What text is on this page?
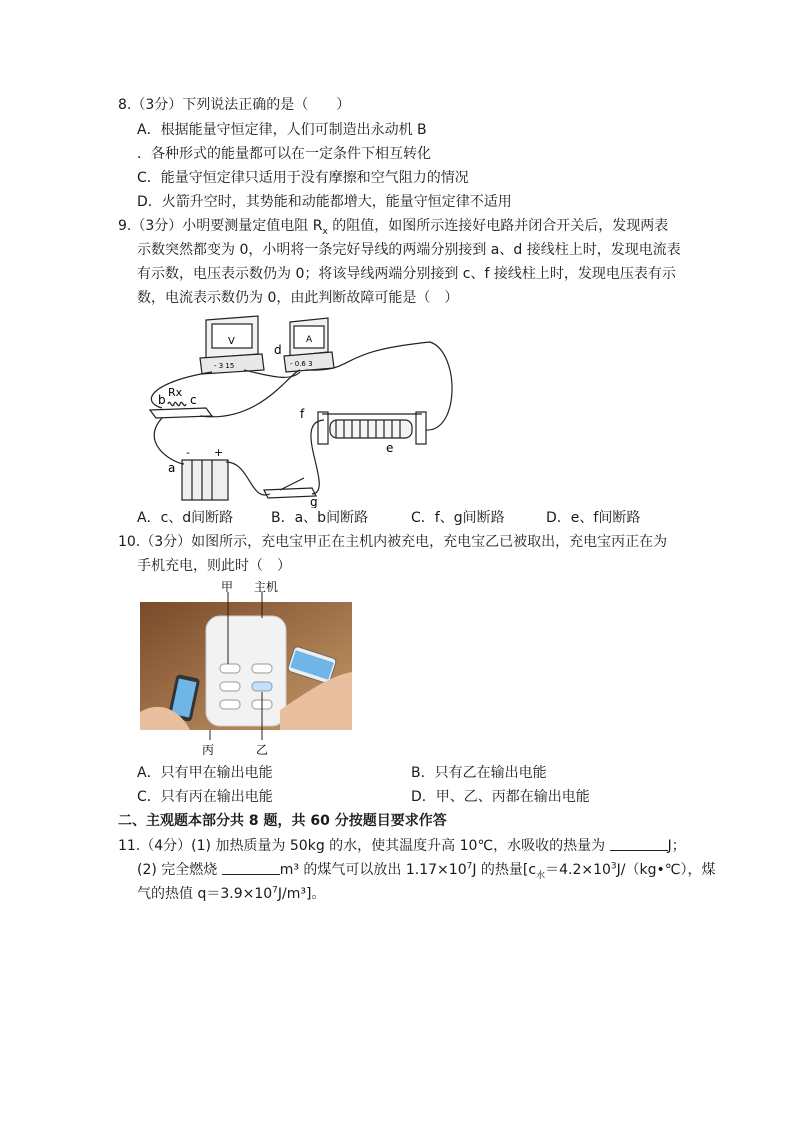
8.（3分）下列说法正确的是（　　）
A．根据能量守恒定律，人们可制造出永动机 B
．各种形式的能量都可以在一定条件下相互转化
C．能量守恒定律只适用于没有摩擦和空气阻力的情况
D．火箭升空时，其势能和动能都增大，能量守恒定律不适用
9.（3分）小明要测量定值电阻 $R_x$ 的阻值，如图所示连接好电路并闭合开关后，发现两表
示数突然都变为 0，小明将一条完好导线的两端分别接到 a、d 接线柱上时，发现电流表
有示数，电压表示数仍为 0；将该导线两端分别接到 c、f 接线柱上时，发现电压表有示
数，电流表示数仍为 0，由此判断故障可能是（　）
V	A
- 3 15	- 0.6 3
Rx
b c
d
f
e
a
g
+
-
A．c、d间断路	B．a、b间断路	C．f、g间断路	D．e、f间断路
10.（3分）如图所示，充电宝甲正在主机内被充电，充电宝乙已被取出，充电宝丙正在为
手机充电，则此时（　）
甲 主机
丙	乙
A．只有甲在输出电能	B．只有乙在输出电能
C．只有丙在输出电能	D．甲、乙、丙都在输出电能
二、主观题本部分共 8 题，共 60 分按题目要求作答
11.（4分）(1) 加热质量为 50kg 的水，使其温度升高 10℃，水吸收的热量为	J；
(2) 完全燃烧	m³ 的煤气可以放出 $1.17\times 10^7J$ 的热量[$c_水=4.2\times 10^3J/(kg•℃)$，煤
气的热值 $q=3.9\times 10^7J/m^3$]。
